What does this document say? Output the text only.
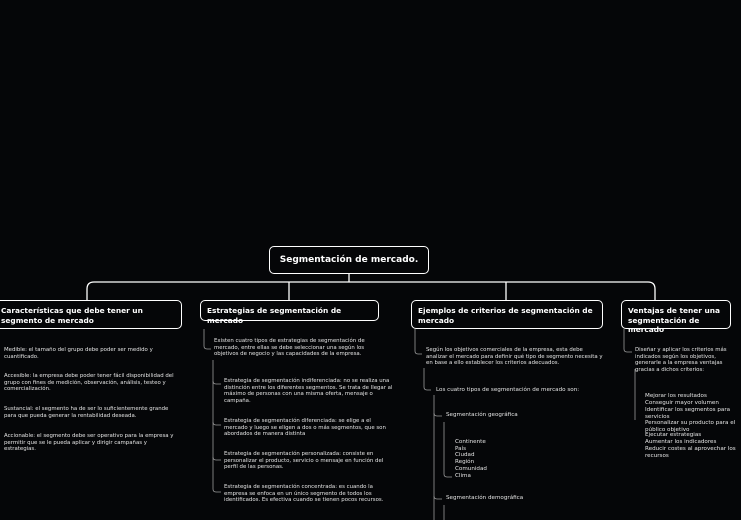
Segmentación de mercado.
Características que debe tener un segmento de mercado
Medible: el tamaño del grupo debe poder ser medido y cuantificado.
Accesible: la empresa debe poder tener fácil disponibilidad del grupo con fines de medición, observación, análisis, testeo y comercialización.
Sustancial: el segmento ha de ser lo suficientemente grande para que pueda generar la rentabilidad deseada.
Accionable: el segmento debe ser operativo para la empresa y permitir que se le pueda aplicar y dirigir campañas y estrategias.
Estrategias de segmentación de mercado
Existen cuatro tipos de estrategias de segmentación de mercado, entre ellas se debe seleccionar una según los objetivos de negocio y las capacidades de la empresa.
Estrategia de segmentación indiferenciada: no se realiza una distinción entre los diferentes segmentos. Se trata de llegar al máximo de personas con una misma oferta, mensaje o campaña.
Estrategia de segmentación diferenciada: se elige a el mercado y luego se eligen a dos o más segmentos, que son abordados de manera distinta
Estrategia de segmentación personalizada: consiste en personalizar el producto, servicio o mensaje en función del perfil de las personas.
Estrategia de segmentación concentrada: es cuando la empresa se enfoca en un único segmento de todos los identificados. Es efectiva cuando se tienen pocos recursos.
Ejemplos de criterios de segmentación de mercado
Según los objetivos comerciales de la empresa, esta debe analizar el mercado para definir qué tipo de segmento necesita y en base a ello establecer los criterios adecuados.
Los cuatro tipos de segmentación de mercado son:
Segmentación geográfica
Continente
País
Ciudad
Región
Comunidad
Clima
Segmentación demográfica
Ventajas de tener una segmentación de mercado
Diseñar y aplicar los criterios más indicados según los objetivos, generarle a la empresa ventajas gracias a dichos criterios:
Mejorar los resultados
Conseguir mayor volumen
Identificar los segmentos para servicios
Personalizar su producto para el público objetivo
Ejecutar estrategias
Aumentar los indicadores
Reducir costes al aprovechar los recursos
